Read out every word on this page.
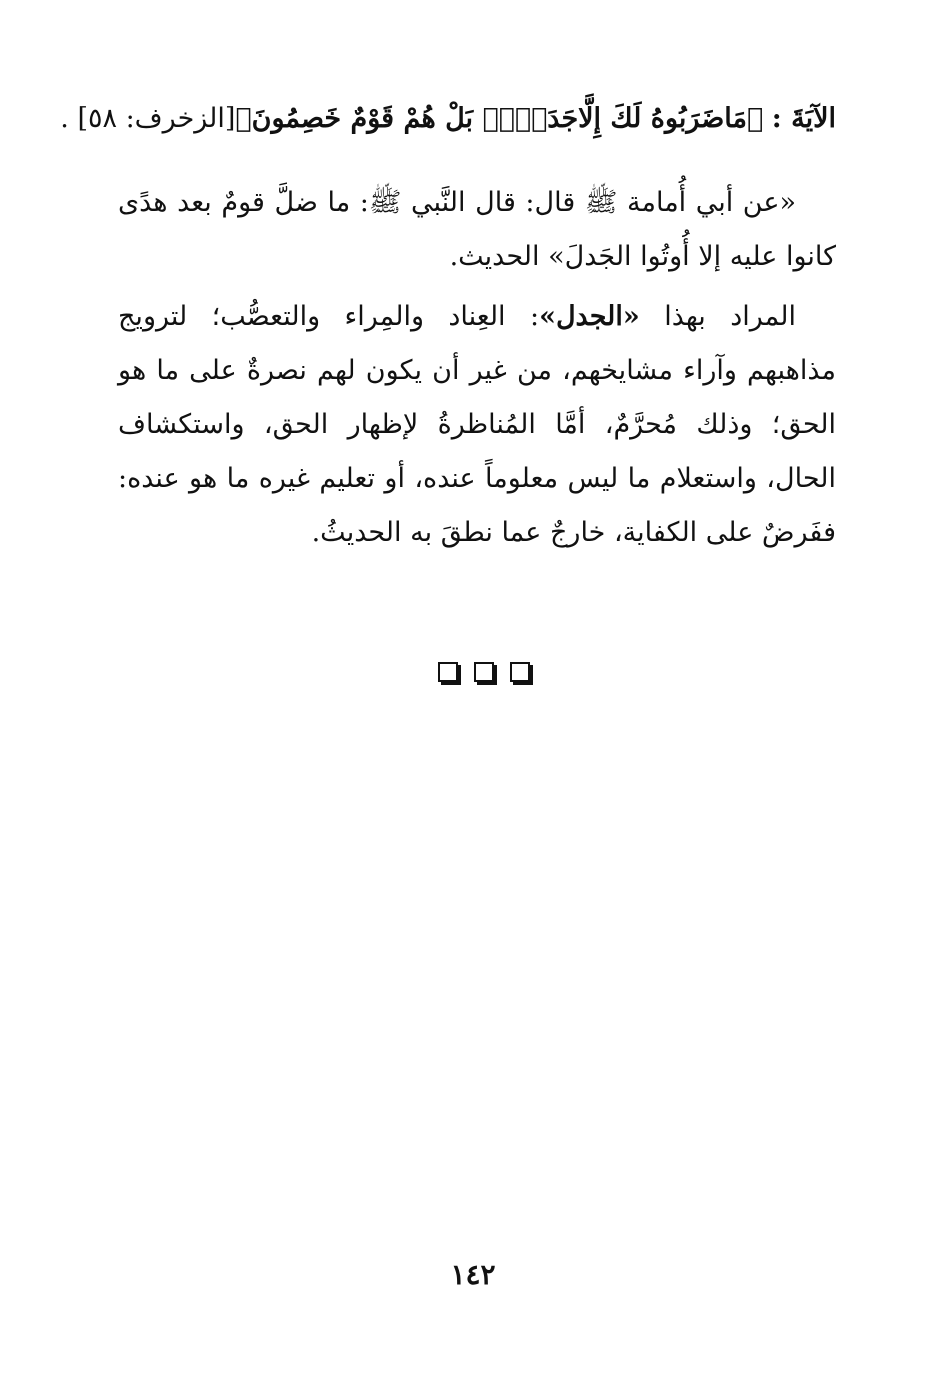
الآيَةَ : ﴿مَاضَرَبُوهُ لَكَ إِلَّاجَدَلًاۚ بَلْ هُمْ قَوْمٌ خَصِمُونَ﴾[الزخرف: ٥٨] .

«عن أبي أُمامة ﷺ قال: قال النَّبي ﷺ: ما ضلَّ قومٌ بعد هدًى كانوا عليه إلا أُوتُوا الجَدلَ» الحديث.

المراد بهذا «الجدل»: العِناد والمِراء والتعصُّب؛ لترويج مذاهبهم وآراء مشايخهم، من غير أن يكون لهم نصرةٌ على ما هو الحق؛ وذلك مُحرَّمٌ، أمَّا المُناظرةُ لإظهار الحق، واستكشاف الحال، واستعلام ما ليس معلوماً عنده، أو تعليم غيره ما هو عنده: ففَرضٌ على الكفاية، خارجٌ عما نطقَ به الحديثُ.

١٤٢
